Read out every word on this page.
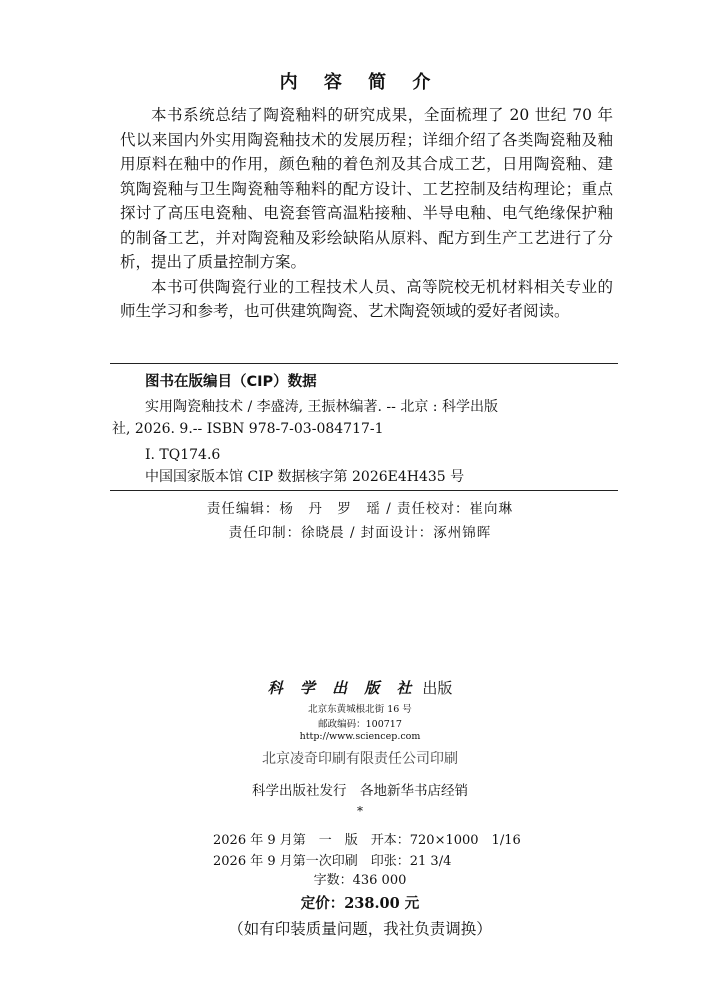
内 容 简 介

本书系统总结了陶瓷釉料的研究成果，全面梳理了 20 世纪 70 年代以来国内外实用陶瓷釉技术的发展历程；详细介绍了各类陶瓷釉及釉用原料在釉中的作用，颜色釉的着色剂及其合成工艺，日用陶瓷釉、建筑陶瓷釉与卫生陶瓷釉等釉料的配方设计、工艺控制及结构理论；重点探讨了高压电瓷釉、电瓷套管高温粘接釉、半导电釉、电气绝缘保护釉的制备工艺，并对陶瓷釉及彩绘缺陷从原料、配方到生产工艺进行了分析，提出了质量控制方案。

本书可供陶瓷行业的工程技术人员、高等院校无机材料相关专业的师生学习和参考，也可供建筑陶瓷、艺术陶瓷领域的爱好者阅读。

图书在版编目（CIP）数据
实用陶瓷釉技术 / 李盛涛, 王振林编著. -- 北京 : 科学出版
社, 2026. 9.-- ISBN 978-7-03-084717-1
Ⅰ. TQ174.6
中国国家版本馆 CIP 数据核字第 2026E4H435 号
责任编辑：杨　丹　罗　瑶 / 责任校对：崔向琳
责任印制：徐晓晨 / 封面设计：涿州锦晖
科 学 出 版 社 出版
北京东黄城根北街 16 号
邮政编码：100717
http://www.sciencep.com
北京凌奇印刷有限责任公司印刷
科学出版社发行　各地新华书店经销
*
2026 年 9 月第　一　版　开本：720×1000　1/16
2026 年 9 月第一次印刷　印张：21 3/4
字数：436 000
定价：238.00 元
（如有印装质量问题，我社负责调换）
